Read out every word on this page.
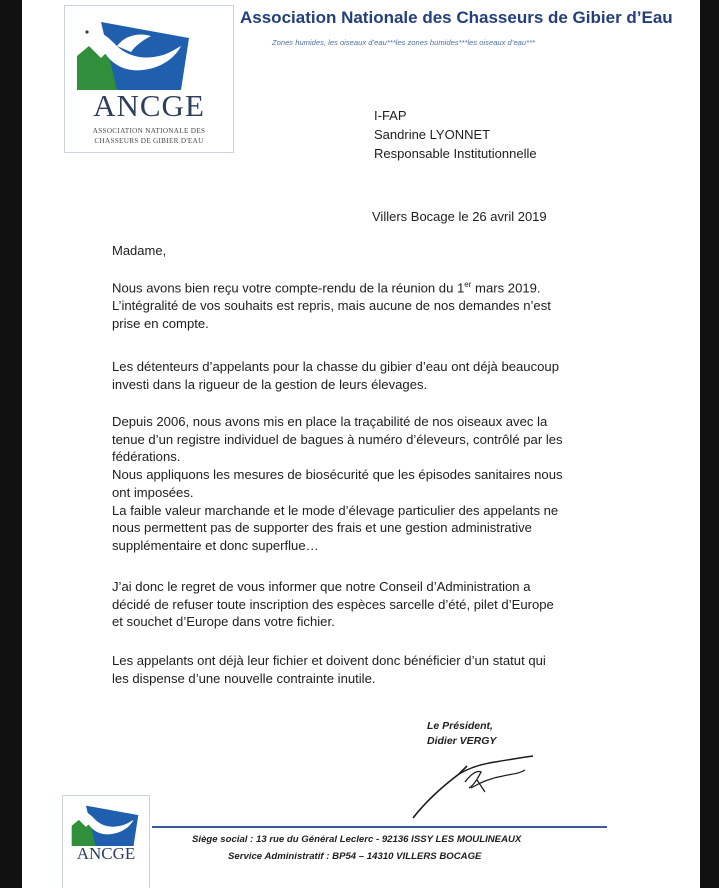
ANCGE
ASSOCIATION NATIONALE DES
CHASSEURS DE GIBIER D'EAU
Association Nationale des Chasseurs de Gibier d’Eau
Zones humides, les oiseaux d’eau***les zones humides***les oiseaux d’eau***
I-FAP
Sandrine LYONNET
Responsable Institutionnelle
Villers Bocage le 26 avril 2019
Madame,
Nous avons bien reçu votre compte-rendu de la réunion du 1er mars 2019.
L’intégralité de vos souhaits est repris, mais aucune de nos demandes n’est
prise en compte.
Les détenteurs d’appelants pour la chasse du gibier d’eau ont déjà beaucoup
investi dans la rigueur de la gestion de leurs élevages.
Depuis 2006, nous avons mis en place la traçabilité de nos oiseaux avec la
tenue d’un registre individuel de bagues à numéro d’éleveurs, contrôlé par les
fédérations.
Nous appliquons les mesures de biosécurité que les épisodes sanitaires nous
ont imposées.
La faible valeur marchande et le mode d’élevage particulier des appelants ne
nous permettent pas de supporter des frais et une gestion administrative
supplémentaire et donc superflue…
J’ai donc le regret de vous informer que notre Conseil d’Administration a
décidé de refuser toute inscription des espèces sarcelle d’été, pilet d’Europe
et souchet d’Europe dans votre fichier.
Les appelants ont déjà leur fichier et doivent donc bénéficier d’un statut qui
les dispense d’une nouvelle contrainte inutile.
Le Président,
Didier VERGY
ANCGE
Siège social : 13 rue du Général Leclerc - 92136 ISSY LES MOULINEAUX
Service Administratif : BP54 – 14310 VILLERS BOCAGE
